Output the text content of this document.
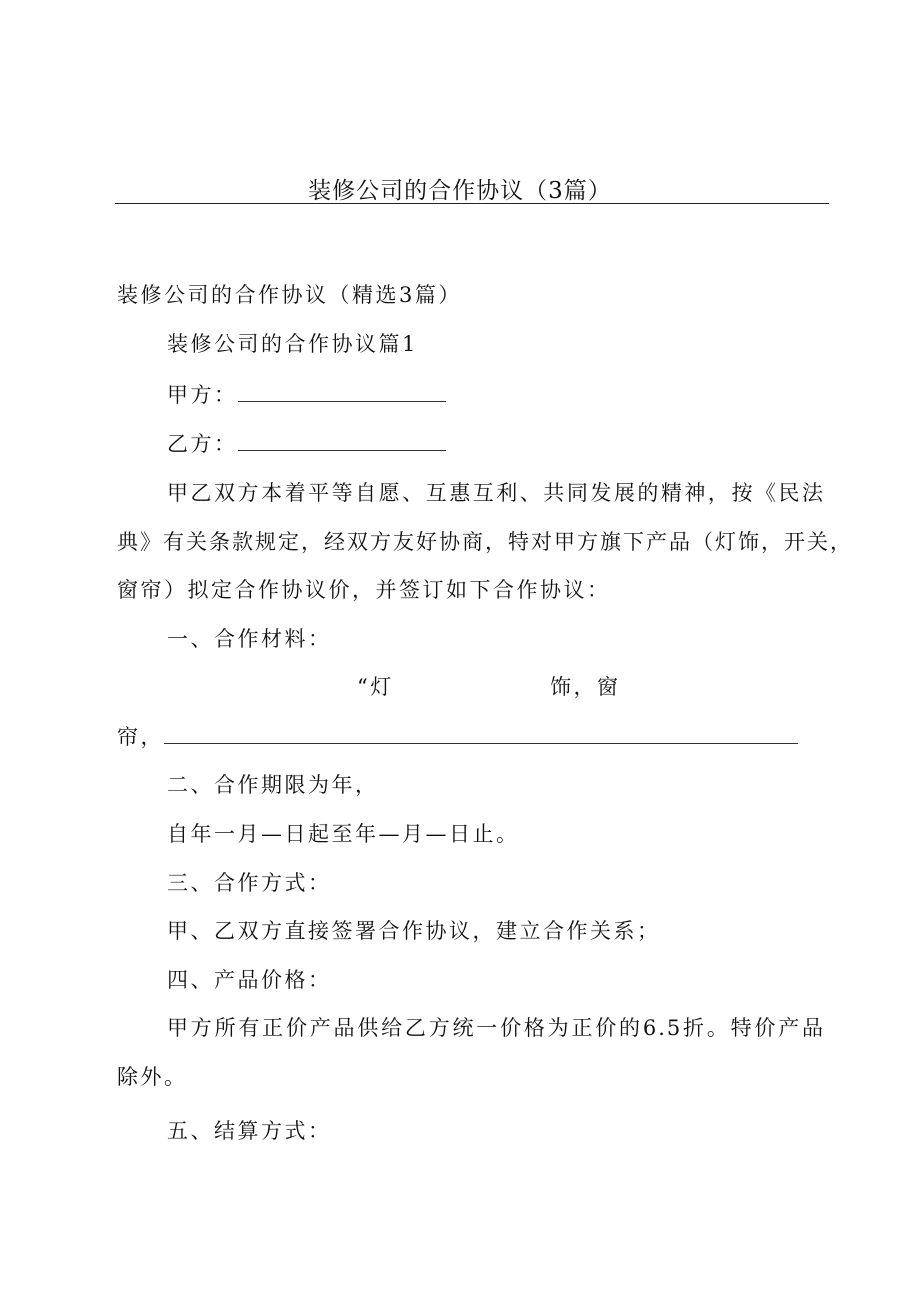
装修公司的合作协议（3篇）
装修公司的合作协议（精选3篇）
装修公司的合作协议篇1
甲方：
乙方：
甲乙双方本着平等自愿、互惠互利、共同发展的精神，按《民法
典》有关条款规定，经双方友好协商，特对甲方旗下产品（灯饰，开关，
窗帘）拟定合作协议价，并签订如下合作协议：
一、合作材料：
“灯	饰，窗
帘，
二、合作期限为年，
自年一月—日起至年—月—日止。
三、合作方式：
甲、乙双方直接签署合作协议，建立合作关系；
四、产品价格：
甲方所有正价产品供给乙方统一价格为正价的6.5折。特价产品
除外。
五、结算方式：
